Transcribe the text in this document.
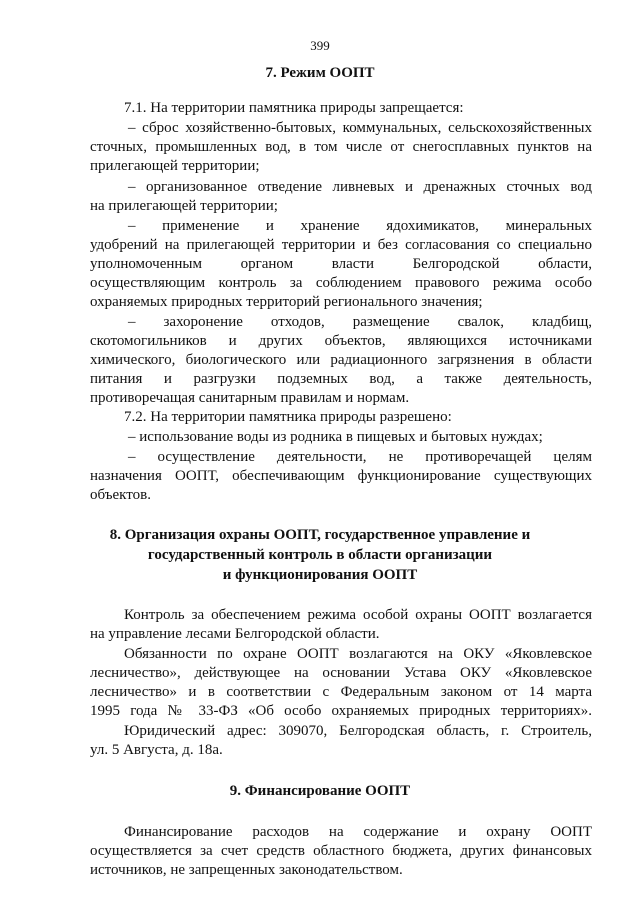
399
7. Режим ООПТ
7.1. На территории памятника природы запрещается:
– сброс хозяйственно-бытовых, коммунальных, сельскохозяйственных
сточных, промышленных вод, в том числе от снегосплавных пунктов на
прилегающей территории;
– организованное отведение ливневых и дренажных сточных вод
на прилегающей территории;
– применение и хранение ядохимикатов, минеральных
удобрений на прилегающей территории и без согласования со специально
уполномоченным органом власти Белгородской области,
осуществляющим контроль за соблюдением правового режима особо
охраняемых природных территорий регионального значения;
– захоронение отходов, размещение свалок, кладбищ,
скотомогильников и других объектов, являющихся источниками
химического, биологического или радиационного загрязнения в области
питания и разгрузки подземных вод, а также деятельность,
противоречащая санитарным правилам и нормам.
7.2. На территории памятника природы разрешено:
– использование воды из родника в пищевых и бытовых нуждах;
– осуществление деятельности, не противоречащей целям
назначения ООПТ, обеспечивающим функционирование существующих
объектов.
8. Организация охраны ООПТ, государственное управление и
государственный контроль в области организации
и функционирования ООПТ
Контроль за обеспечением режима особой охраны ООПТ возлагается
на управление лесами Белгородской области.
Обязанности по охране ООПТ возлагаются на ОКУ «Яковлевское
лесничество», действующее на основании Устава ОКУ «Яковлевское
лесничество» и в соответствии с Федеральным законом от 14 марта
1995 года № 33-ФЗ «Об особо охраняемых природных территориях».
Юридический адрес: 309070, Белгородская область, г. Строитель,
ул. 5 Августа, д. 18а.
9. Финансирование ООПТ
Финансирование расходов на содержание и охрану ООПТ
осуществляется за счет средств областного бюджета, других финансовых
источников, не запрещенных законодательством.
